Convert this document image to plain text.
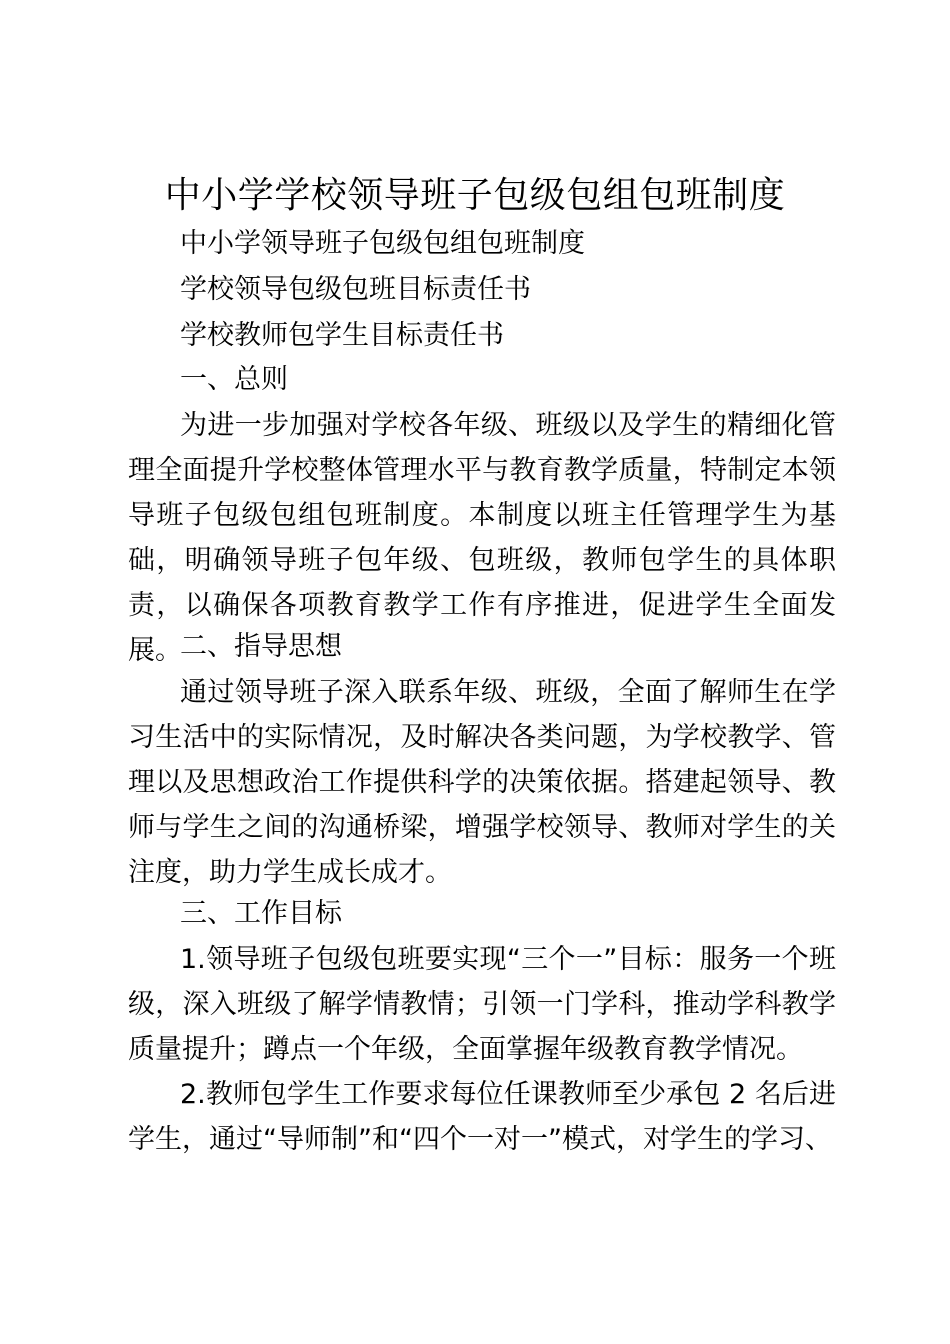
中小学学校领导班子包级包组包班制度
中小学领导班子包级包组包班制度
学校领导包级包班目标责任书
学校教师包学生目标责任书
一、总则

为进一步加强对学校各年级、班级以及学生的精细化管理全面提升学校整体管理水平与教育教学质量，特制定本领导班子包级包组包班制度。本制度以班主任管理学生为基础，明确领导班子包年级、包班级，教师包学生的具体职责，以确保各项教育教学工作有序推进，促进学生全面发展。

二、指导思想

通过领导班子深入联系年级、班级，全面了解师生在学习生活中的实际情况，及时解决各类问题，为学校教学、管理以及思想政治工作提供科学的决策依据。搭建起领导、教师与学生之间的沟通桥梁，增强学校领导、教师对学生的关注度，助力学生成长成才。

三、工作目标

1.领导班子包级包班要实现“三个一”目标：服务一个班级，深入班级了解学情教情；引领一门学科，推动学科教学质量提升；蹲点一个年级，全面掌握年级教育教学情况。

2.教师包学生工作要求每位任课教师至少承包 2 名后进学生，通过“导师制”和“四个一对一”模式，对学生的学习、
